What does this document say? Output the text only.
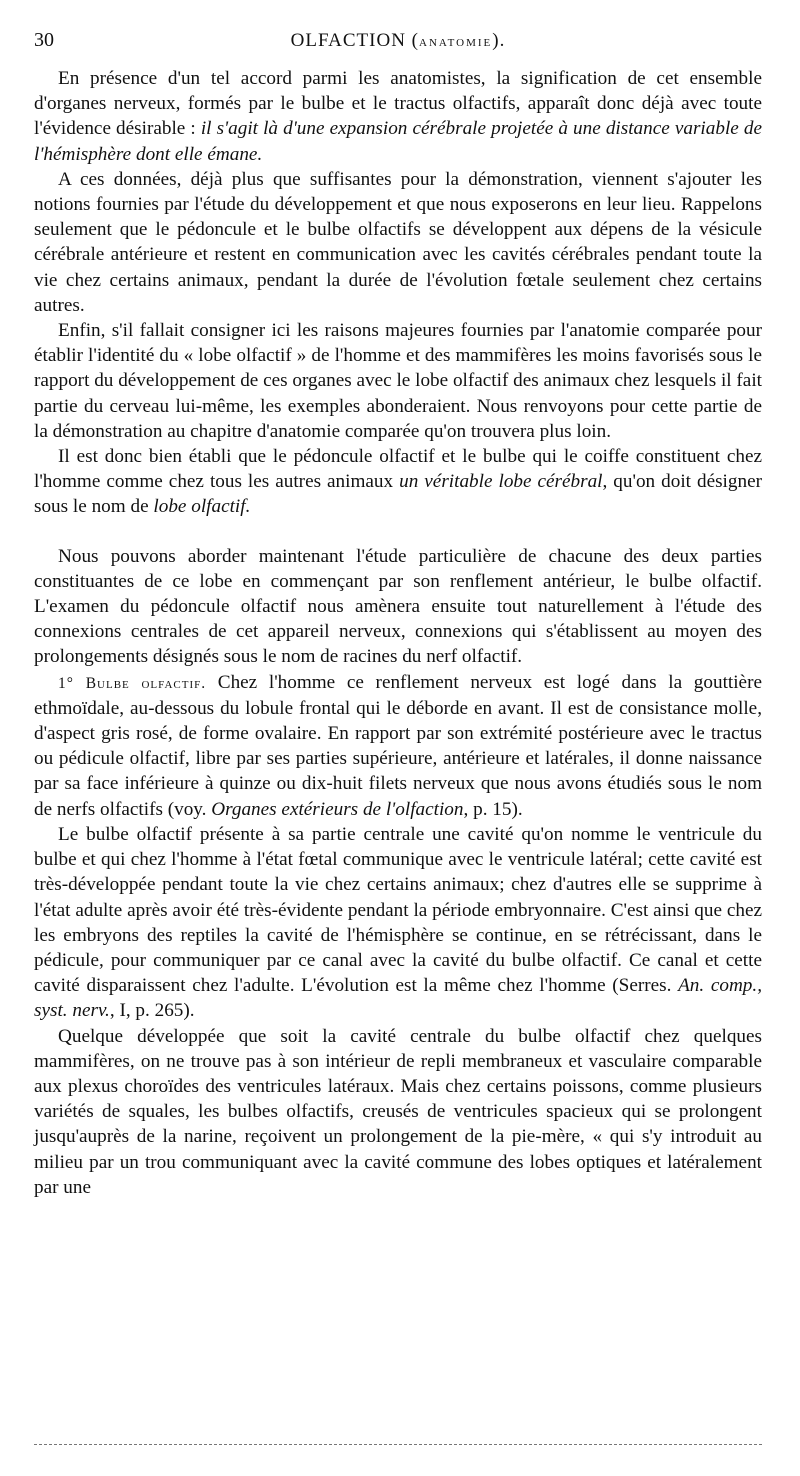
30	OLFACTION (ANATOMIE).

En présence d'un tel accord parmi les anatomistes, la signification de cet ensemble d'organes nerveux, formés par le bulbe et le tractus olfactifs, apparaît donc déjà avec toute l'évidence désirable : il s'agit là d'une expansion cérébrale projetée à une distance variable de l'hémisphère dont elle émane.

A ces données, déjà plus que suffisantes pour la démonstration, viennent s'ajouter les notions fournies par l'étude du développement et que nous exposerons en leur lieu. Rappelons seulement que le pédoncule et le bulbe olfactifs se développent aux dépens de la vésicule cérébrale antérieure et restent en communication avec les cavités cérébrales pendant toute la vie chez certains animaux, pendant la durée de l'évolution fœtale seulement chez certains autres.

Enfin, s'il fallait consigner ici les raisons majeures fournies par l'anatomie comparée pour établir l'identité du « lobe olfactif » de l'homme et des mammifères les moins favorisés sous le rapport du développement de ces organes avec le lobe olfactif des animaux chez lesquels il fait partie du cerveau lui-même, les exemples abonderaient. Nous renvoyons pour cette partie de la démonstration au chapitre d'anatomie comparée qu'on trouvera plus loin.

Il est donc bien établi que le pédoncule olfactif et le bulbe qui le coiffe constituent chez l'homme comme chez tous les autres animaux un véritable lobe cérébral, qu'on doit désigner sous le nom de lobe olfactif.

Nous pouvons aborder maintenant l'étude particulière de chacune des deux parties constituantes de ce lobe en commençant par son renflement antérieur, le bulbe olfactif. L'examen du pédoncule olfactif nous amènera ensuite tout naturellement à l'étude des connexions centrales de cet appareil nerveux, connexions qui s'établissent au moyen des prolongements désignés sous le nom de racines du nerf olfactif.

1° Bulbe olfactif. Chez l'homme ce renflement nerveux est logé dans la gouttière ethmoïdale, au-dessous du lobule frontal qui le déborde en avant. Il est de consistance molle, d'aspect gris rosé, de forme ovalaire. En rapport par son extrémité postérieure avec le tractus ou pédicule olfactif, libre par ses parties supérieure, antérieure et latérales, il donne naissance par sa face inférieure à quinze ou dix-huit filets nerveux que nous avons étudiés sous le nom de nerfs olfactifs (voy. Organes extérieurs de l'olfaction, p. 15).

Le bulbe olfactif présente à sa partie centrale une cavité qu'on nomme le ventricule du bulbe et qui chez l'homme à l'état fœtal communique avec le ventricule latéral; cette cavité est très-développée pendant toute la vie chez certains animaux; chez d'autres elle se supprime à l'état adulte après avoir été très-évidente pendant la période embryonnaire. C'est ainsi que chez les embryons des reptiles la cavité de l'hémisphère se continue, en se rétrécissant, dans le pédicule, pour communiquer par ce canal avec la cavité du bulbe olfactif. Ce canal et cette cavité disparaissent chez l'adulte. L'évolution est la même chez l'homme (Serres. An. comp., syst. nerv., I, p. 265).

Quelque développée que soit la cavité centrale du bulbe olfactif chez quelques mammifères, on ne trouve pas à son intérieur de repli membraneux et vasculaire comparable aux plexus choroïdes des ventricules latéraux. Mais chez certains poissons, comme plusieurs variétés de squales, les bulbes olfactifs, creusés de ventricules spacieux qui se prolongent jusqu'auprès de la narine, reçoivent un prolongement de la pie-mère, « qui s'y introduit au milieu par un trou communiquant avec la cavité commune des lobes optiques et latéralement par une
